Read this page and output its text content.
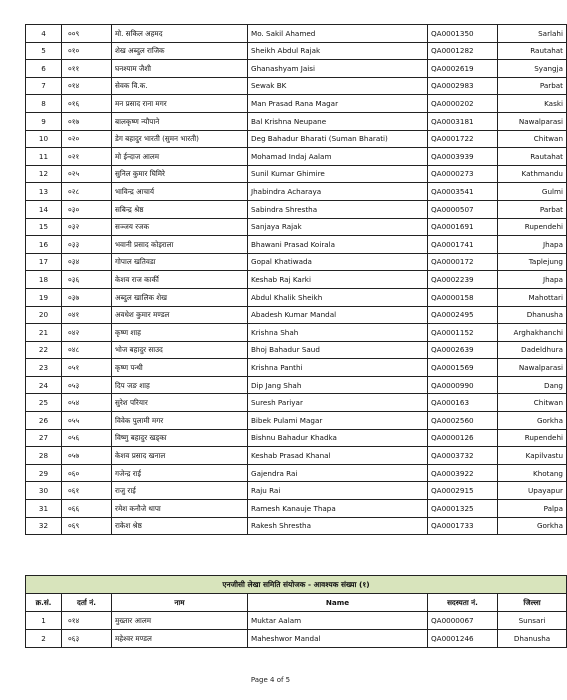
4	००९	मो. सकिल अहमद	Mo. Sakil Ahamed	QA0001350	Sarlahi
5	०१०	शेख अब्दुल राजिक	Sheikh Abdul Rajak	QA0001282	Rautahat
6	०११	घनश्याम जैशी	Ghanashyam Jaisi	QA0002619	Syangja
7	०१४	सेवक वि.क.	Sewak BK	QA0002983	Parbat
8	०१६	मन प्रसाद राना मगर	Man Prasad Rana Magar	QA0000202	Kaski
9	०१७	बालकृष्ण न्यौपाने	Bal Krishna Neupane	QA0003181	Nawalparasi
10	०२०	डेग बहादुर भारती (सुमन भारती)	Deg Bahadur Bharati (Suman Bharati)	QA0001722	Chitwan
11	०२१	मो ईन्दाज आलम	Mohamad Indaj Aalam	QA0003939	Rautahat
12	०२५	सुनिल कुमार घिमिरे	Sunil Kumar Ghimire	QA0000273	Kathmandu
13	०२८	भाविन्द्र आचार्य	Jhabindra Acharaya	QA0003541	Gulmi
14	०३०	सबिन्द्र श्रेष्ठ	Sabindra Shrestha	QA0000507	Parbat
15	०३२	सञ्जय रजक	Sanjaya Rajak	QA0001691	Rupendehi
16	०३३	भवानी प्रसाद कोइराला	Bhawani Prasad Koirala	QA0001741	Jhapa
17	०३४	गोपाल खतिवडा	Gopal Khatiwada	QA0000172	Taplejung
18	०३६	केशव राज कार्की	Keshab Raj Karki	QA0002239	Jhapa
19	०३७	अब्दुल खालिक शेख	Abdul Khalik Sheikh	QA0000158	Mahottari
20	०४१	अवधेश कुमार मण्डल	Abadesh Kumar Mandal	QA0002495	Dhanusha
21	०४२	कृष्ण शाह	Krishna Shah	QA0001152	Arghakhanchi
22	०४८	भोज बहादुर साउद	Bhoj Bahadur Saud	QA0002639	Dadeldhura
23	०५१	कृष्ण पन्थी	Krishna Panthi	QA0001569	Nawalparasi
24	०५३	दिप जङ शाह	Dip Jang Shah	QA0000990	Dang
25	०५४	सुरेश परियार	Suresh Pariyar	QA000163	Chitwan
26	०५५	विवेक पुलामी मगर	Bibek Pulami Magar	QA0002560	Gorkha
27	०५६	विष्णु बहादुर खड्का	Bishnu Bahadur Khadka	QA0000126	Rupendehi
28	०५७	केशव प्रसाद खनाल	Keshab Prasad Khanal	QA0003732	Kapilvastu
29	०६०	गजेन्द्र राई	Gajendra Rai	QA0003922	Khotang
30	०६१	राजु राई	Raju Rai	QA0002915	Upayapur
31	०६६	रमेश कनौजे थापा	Ramesh Kanauje Thapa	QA0001325	Palpa
32	०६९	राकेश श्रेष्ठ	Rakesh Shrestha	QA0001733	Gorkha
एनजीसी लेखा समिति संयोजक - आवश्यक संख्या (१)					
क्र.सं.	दर्ता नं.	नाम	Name	सदस्यता नं.	जिल्ला
1	०१४	मुख्तार आलम	Muktar Aalam	QA0000067	Sunsari
2	०६३	महेश्वर मण्डल	Maheshwor Mandal	QA0001246	Dhanusha
Page 4 of 5
